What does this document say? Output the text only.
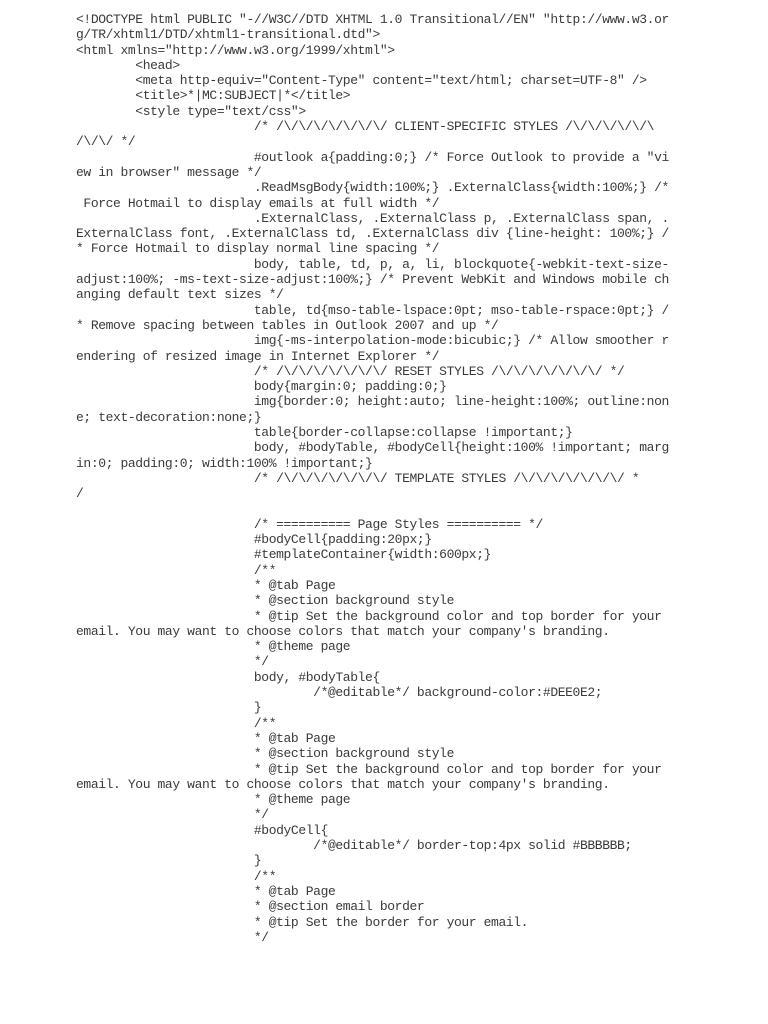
<!DOCTYPE html PUBLIC "-//W3C//DTD XHTML 1.0 Transitional//EN" "http://www.w3.or
g/TR/xhtml1/DTD/xhtml1-transitional.dtd">
<html xmlns="http://www.w3.org/1999/xhtml">
<head>
<meta http-equiv="Content-Type" content="text/html; charset=UTF-8" />
<title>*|MC:SUBJECT|*</title>
<style type="text/css">
/* /\/\/\/\/\/\/\/ CLIENT-SPECIFIC STYLES /\/\/\/\/\/\
/\/\/ */
#outlook a{padding:0;} /* Force Outlook to provide a "vi
ew in browser" message */
.ReadMsgBody{width:100%;} .ExternalClass{width:100%;} /*
Force Hotmail to display emails at full width */
.ExternalClass, .ExternalClass p, .ExternalClass span, .
ExternalClass font, .ExternalClass td, .ExternalClass div {line-height: 100%;} /
* Force Hotmail to display normal line spacing */
body, table, td, p, a, li, blockquote{-webkit-text-size-
adjust:100%; -ms-text-size-adjust:100%;} /* Prevent WebKit and Windows mobile ch
anging default text sizes */
table, td{mso-table-lspace:0pt; mso-table-rspace:0pt;} /
* Remove spacing between tables in Outlook 2007 and up */
img{-ms-interpolation-mode:bicubic;} /* Allow smoother r
endering of resized image in Internet Explorer */
/* /\/\/\/\/\/\/\/ RESET STYLES /\/\/\/\/\/\/\/ */
body{margin:0; padding:0;}
img{border:0; height:auto; line-height:100%; outline:non
e; text-decoration:none;}
table{border-collapse:collapse !important;}
body, #bodyTable, #bodyCell{height:100% !important; marg
in:0; padding:0; width:100% !important;}
/* /\/\/\/\/\/\/\/ TEMPLATE STYLES /\/\/\/\/\/\/\/ *
/
/* ========== Page Styles ========== */
#bodyCell{padding:20px;}
#templateContainer{width:600px;}
/**
* @tab Page
* @section background style
* @tip Set the background color and top border for your
email. You may want to choose colors that match your company's branding.
* @theme page
*/
body, #bodyTable{
/*@editable*/ background-color:#DEE0E2;
}
/**
* @tab Page
* @section background style
* @tip Set the background color and top border for your
email. You may want to choose colors that match your company's branding.
* @theme page
*/
#bodyCell{
/*@editable*/ border-top:4px solid #BBBBBB;
}
/**
* @tab Page
* @section email border
* @tip Set the border for your email.
*/
